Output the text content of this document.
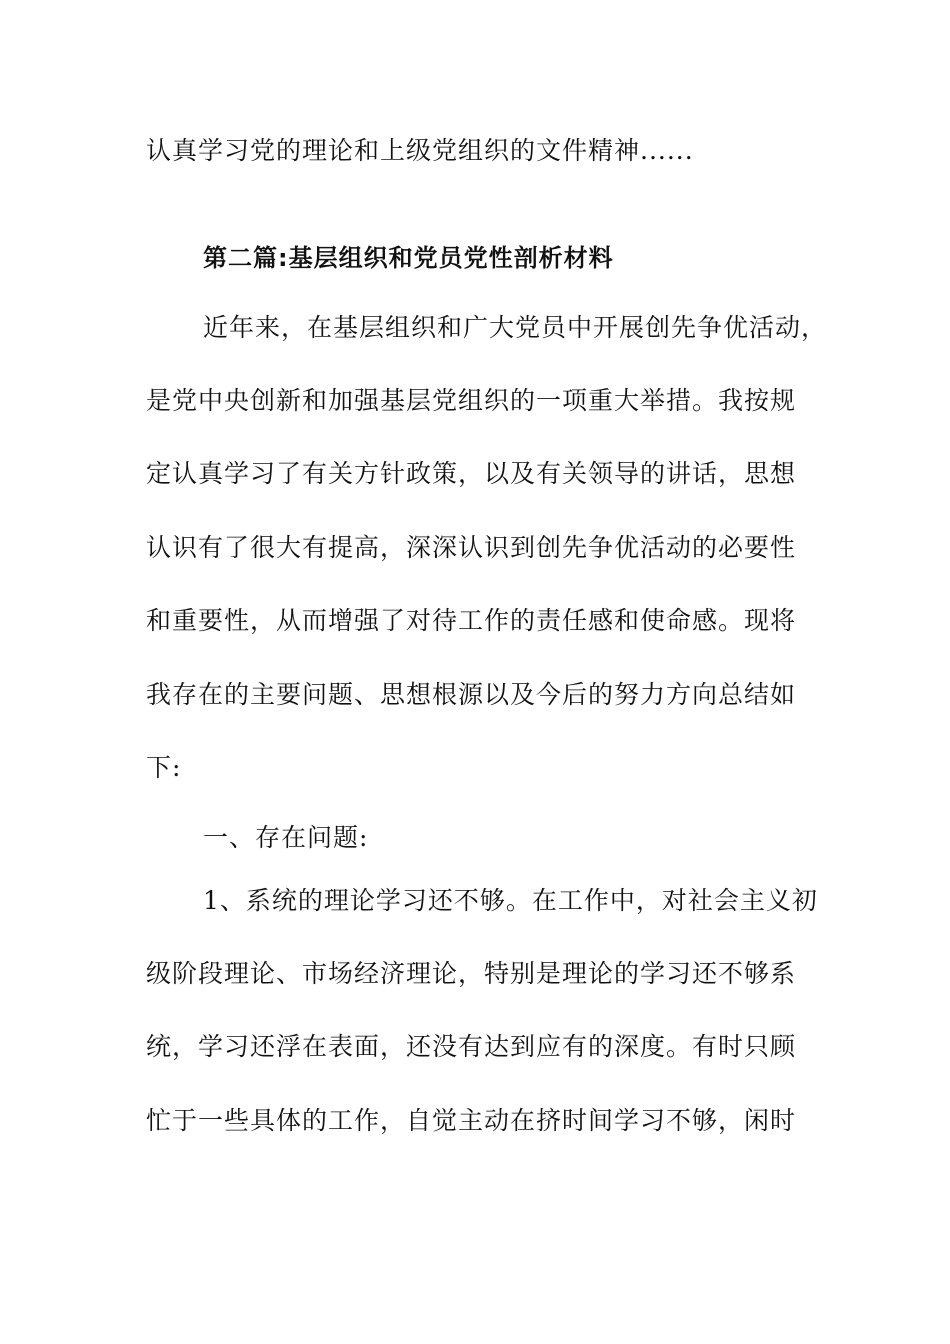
认真学习党的理论和上级党组织的文件精神......
第二篇:基层组织和党员党性剖析材料
近年来，在基层组织和广大党员中开展创先争优活动，
是党中央创新和加强基层党组织的一项重大举措。我按规
定认真学习了有关方针政策，以及有关领导的讲话，思想
认识有了很大有提高，深深认识到创先争优活动的必要性
和重要性，从而增强了对待工作的责任感和使命感。现将
我存在的主要问题、思想根源以及今后的努力方向总结如
下:
一、存在问题:
1、系统的理论学习还不够。在工作中，对社会主义初
级阶段理论、市场经济理论，特别是理论的学习还不够系
统，学习还浮在表面，还没有达到应有的深度。有时只顾
忙于一些具体的工作，自觉主动在挤时间学习不够，闲时
